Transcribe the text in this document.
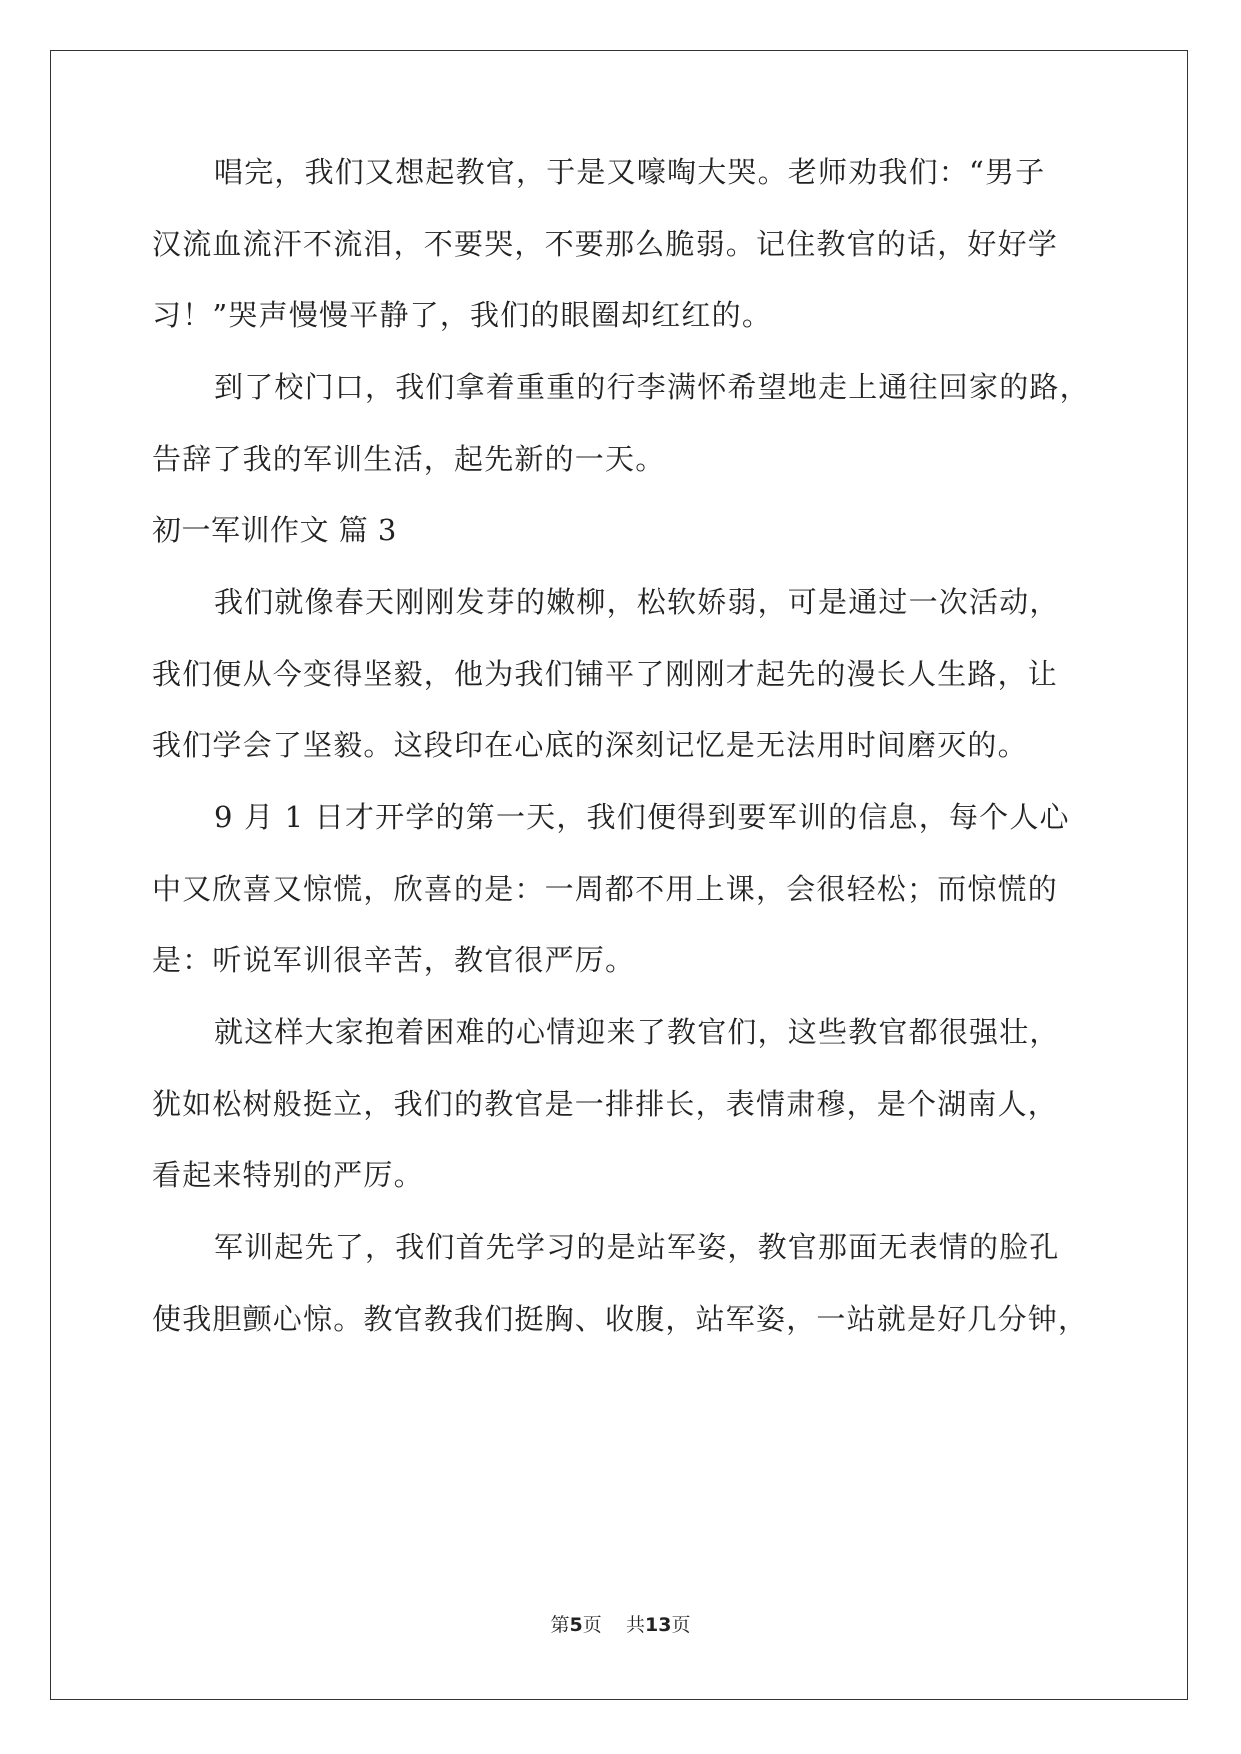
唱完，我们又想起教官，于是又嚎啕大哭。老师劝我们：“男子
汉流血流汗不流泪，不要哭，不要那么脆弱。记住教官的话，好好学
习！”哭声慢慢平静了，我们的眼圈却红红的。
到了校门口，我们拿着重重的行李满怀希望地走上通往回家的路，
告辞了我的军训生活，起先新的一天。
初一军训作文 篇 3
我们就像春天刚刚发芽的嫩柳，松软娇弱，可是通过一次活动，
我们便从今变得坚毅，他为我们铺平了刚刚才起先的漫长人生路，让
我们学会了坚毅。这段印在心底的深刻记忆是无法用时间磨灭的。
9 月 1 日才开学的第一天，我们便得到要军训的信息，每个人心
中又欣喜又惊慌，欣喜的是：一周都不用上课，会很轻松；而惊慌的
是：听说军训很辛苦，教官很严厉。
就这样大家抱着困难的心情迎来了教官们，这些教官都很强壮，
犹如松树般挺立，我们的教官是一排排长，表情肃穆，是个湖南人，
看起来特别的严厉。
军训起先了，我们首先学习的是站军姿，教官那面无表情的脸孔
使我胆颤心惊。教官教我们挺胸、收腹，站军姿，一站就是好几分钟，
第5页 共13页
